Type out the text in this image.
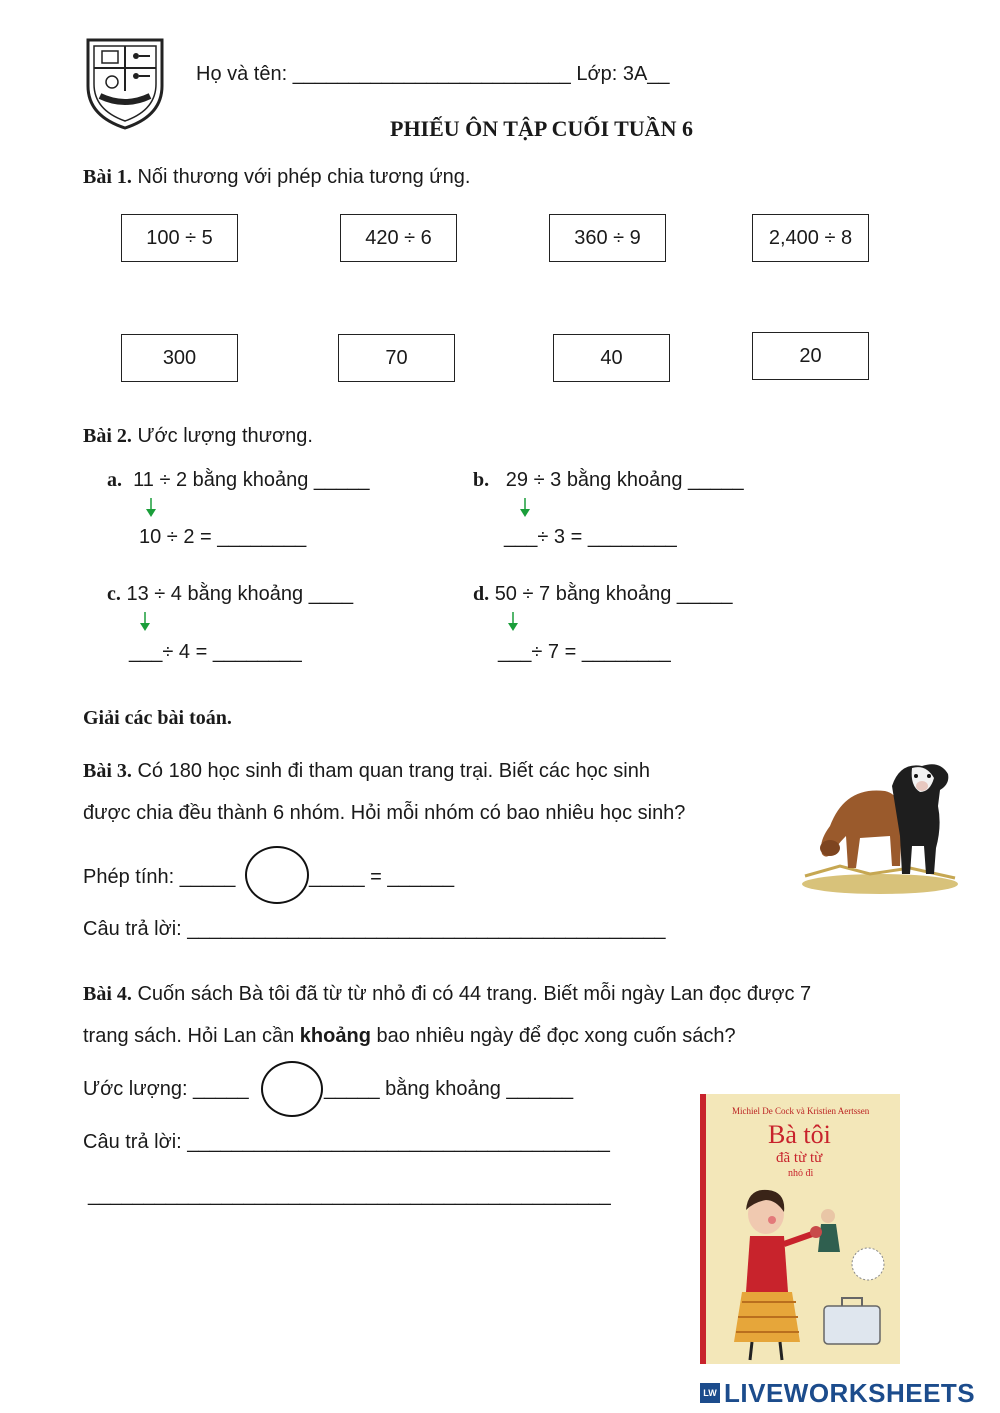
Họ và tên: _________________________ Lớp: 3A__
PHIẾU ÔN TẬP CUỐI TUẦN 6
Bài 1. Nối thương với phép chia tương ứng.
100 ÷ 5	420 ÷ 6	360 ÷ 9	2,400 ÷ 8
300	70	40	20
Bài 2. Ước lượng thương.
a. 11 ÷ 2 bằng khoảng _____
10 ÷ 2 = ________
b. 29 ÷ 3 bằng khoảng _____
___÷ 3 = ________
c. 13 ÷ 4 bằng khoảng ____
___÷ 4 = ________
d. 50 ÷ 7 bằng khoảng _____
___÷ 7 = ________
Giải các bài toán.
Bài 3. Có 180 học sinh đi tham quan trang trại. Biết các học sinh
được chia đều thành 6 nhóm. Hỏi mỗi nhóm có bao nhiêu học sinh?
Phép tính: _____	_____ = ______
Câu trả lời: ___________________________________________
Bài 4. Cuốn sách Bà tôi đã từ từ nhỏ đi có 44 trang. Biết mỗi ngày Lan đọc được 7
trang sách. Hỏi Lan cần khoảng bao nhiêu ngày để đọc xong cuốn sách?
Ước lượng: _____	_____ bằng khoảng ______
Câu trả lời: ______________________________________
_______________________________________________
Michiel De Cock và Kristien Aertssen
Bà tôi
đã từ từ
nhỏ đi
LW LIVEWORKSHEETS
